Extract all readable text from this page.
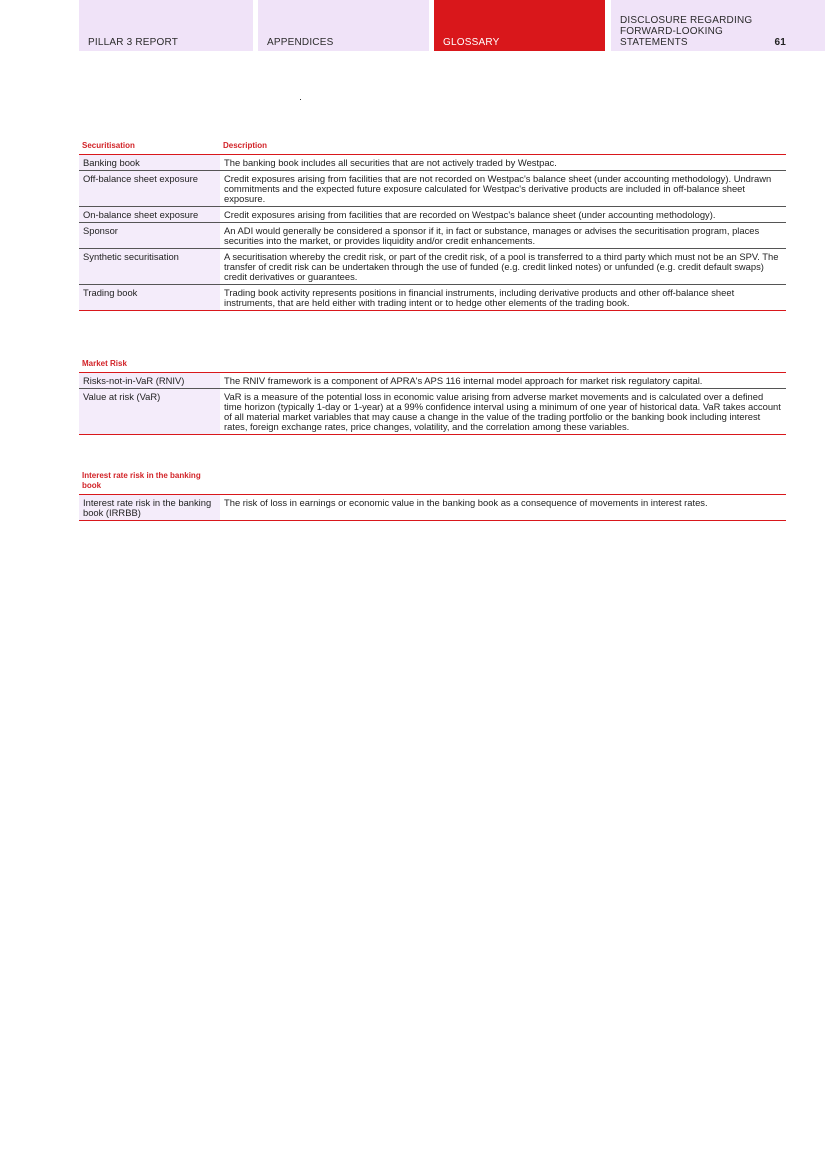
PILLAR 3 REPORT	APPENDICES	GLOSSARY
DISCLOSURE REGARDING FORWARD-LOOKING STATEMENTS	61
Securitisation	Description
Banking book	The banking book includes all securities that are not actively traded by Westpac.
Off-balance sheet exposure	Credit exposures arising from facilities that are not recorded on Westpac's balance sheet (under accounting methodology). Undrawn commitments and the expected future exposure calculated for Westpac's derivative products are included in off-balance sheet exposure.
On-balance sheet exposure	Credit exposures arising from facilities that are recorded on Westpac's balance sheet (under accounting methodology).
Sponsor	An ADI would generally be considered a sponsor if it, in fact or substance, manages or advises the securitisation program, places securities into the market, or provides liquidity and/or credit enhancements.
Synthetic securitisation	A securitisation whereby the credit risk, or part of the credit risk, of a pool is transferred to a third party which must not be an SPV. The transfer of credit risk can be undertaken through the use of funded (e.g. credit linked notes) or unfunded (e.g. credit default swaps) credit derivatives or guarantees.
Trading book	Trading book activity represents positions in financial instruments, including derivative products and other off-balance sheet instruments, that are held either with trading intent or to hedge other elements of the trading book.
Market Risk	
Risks-not-in-VaR (RNIV)	The RNIV framework is a component of APRA's APS 116 internal model approach for market risk regulatory capital.
Value at risk (VaR)	VaR is a measure of the potential loss in economic value arising from adverse market movements and is calculated over a defined time horizon (typically 1-day or 1-year) at a 99% confidence interval using a minimum of one year of historical data. VaR takes account of all material market variables that may cause a change in the value of the trading portfolio or the banking book including interest rates, foreign exchange rates, price changes, volatility, and the correlation among these variables.
Interest rate risk in the banking book	
Interest rate risk in the banking book (IRRBB)	The risk of loss in earnings or economic value in the banking book as a consequence of movements in interest rates.
